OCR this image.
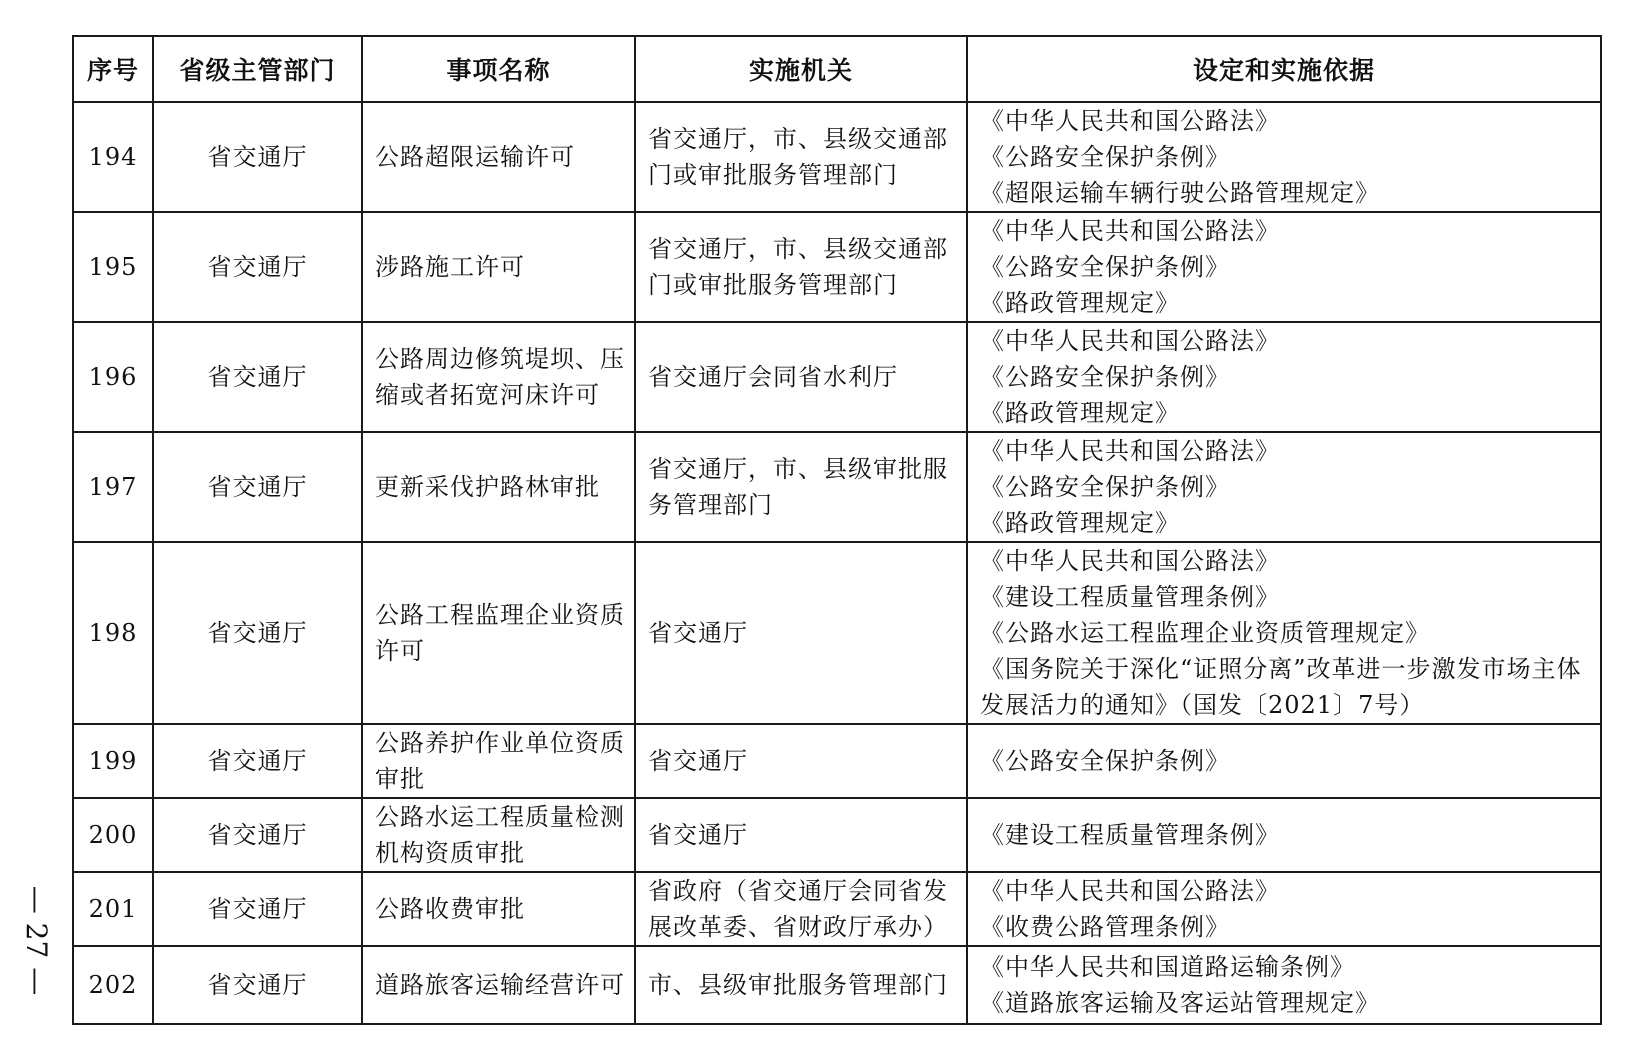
序号	省级主管部门	事项名称	实施机关	设定和实施依据
194	省交通厅	公路超限运输许可	省交通厅，市、县级交通部门或审批服务管理部门	《中华人民共和国公路法》
《公路安全保护条例》
《超限运输车辆行驶公路管理规定》

195	省交通厅	涉路施工许可	省交通厅，市、县级交通部门或审批服务管理部门	《中华人民共和国公路法》
《公路安全保护条例》
《路政管理规定》

196	省交通厅	公路周边修筑堤坝、压缩或者拓宽河床许可	省交通厅会同省水利厅	《中华人民共和国公路法》
《公路安全保护条例》
《路政管理规定》

197	省交通厅	更新采伐护路林审批	省交通厅，市、县级审批服务管理部门	《中华人民共和国公路法》
《公路安全保护条例》
《路政管理规定》

198	省交通厅	公路工程监理企业资质许可	省交通厅	《中华人民共和国公路法》
《建设工程质量管理条例》
《公路水运工程监理企业资质管理规定》
《国务院关于深化“证照分离”改革进一步激发市场主体发展活力的通知》（国发〔2021〕7号）

199	省交通厅	公路养护作业单位资质审批	省交通厅	《公路安全保护条例》

200	省交通厅	公路水运工程质量检测机构资质审批	省交通厅	《建设工程质量管理条例》

201	省交通厅	公路收费审批	省政府（省交通厅会同省发展改革委、省财政厅承办）	《中华人民共和国公路法》
《收费公路管理条例》

202	省交通厅	道路旅客运输经营许可	市、县级审批服务管理部门	《中华人民共和国道路运输条例》
《道路旅客运输及客运站管理规定》
— 27 —
